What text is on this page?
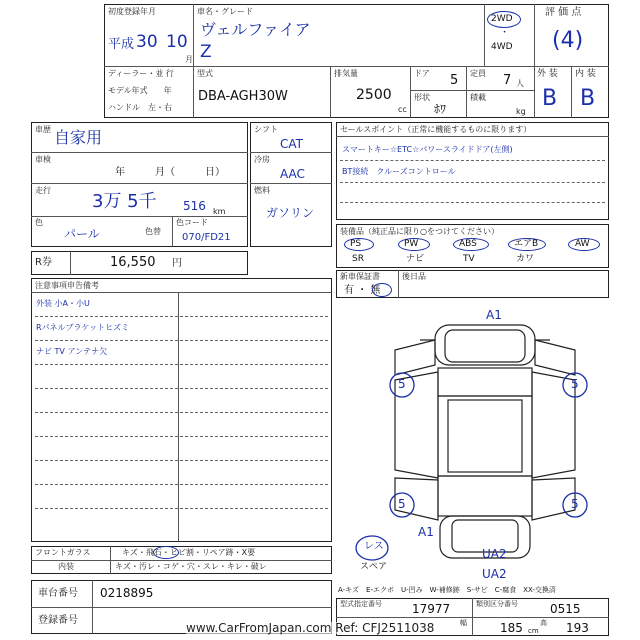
初度登録年月
平成 30 10
月
車名・グレード
ヴェルファイア
Z
2WD
・
4WD
評 価 点
(4)
ディーラー・並 行
モデル年式　　年
ハンドル　左・右
型式
DBA-AGH30W
排気量
2500
cc
ドア 5 定員 7 人
形状
ﾎﾜ
積載
kg
外 装 内 装
B B
車歴 自家用
車検
年　　　月（　　　日）
走行
3万 5千 516 km
色
パール	色替
色コード
070/FD21
シフト
CAT
冷房
AAC
燃料
ガソリン
セールスポイント（正常に機能するものに限ります）
スマートキー☆ETC☆パワースライドドア(左側)
BT接続　クルーズコントロール
装備品（純正品に限り○をつけてください）
PS	PW	ABS	エアB	AW
SR	ナビ	TV	カワ
新車保証書
有 ・ 無
後日品
R券	16,550 円
注意事項申告備考
外装 小A・小U
Rパネルブラケットヒズミ
ナビ TV アンテナ欠
A1
5	5
5	5
A1
UA2
UA2
レス
スペア
フロントガラス	キズ・飛石・ヒビ割・リペア跡・X要
内装	キズ・汚レ・コゲ・穴・スレ・キレ・破レ
A-キズ　E-エクボ　U-凹み　W-補修跡　S-サビ　C-腐食　XX-交換済
車台番号 0218895
登録番号
型式指定番号	17977	類別区分番号	0515
幅	185 cm
高 193
www.CarFromJapan.com Ref: CFJ2511038
